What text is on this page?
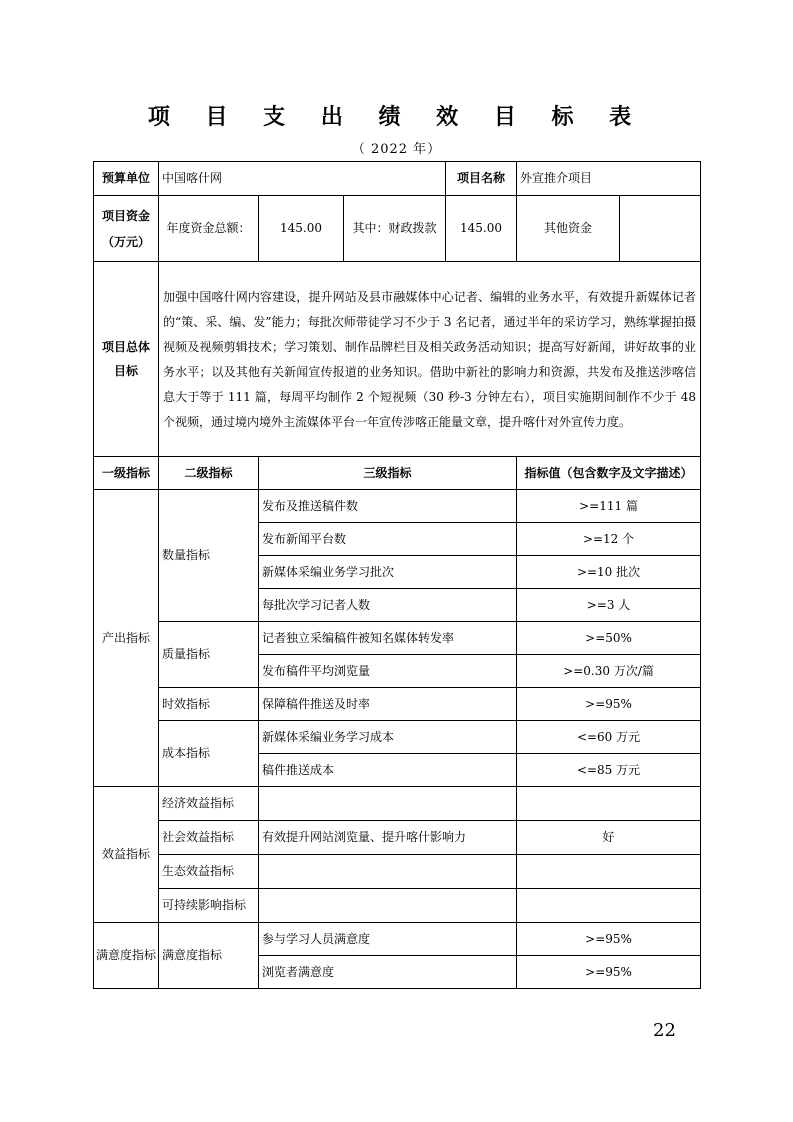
项 目 支 出 绩 效 目 标 表
（ 2022 年）
预算单位	中国喀什网			项目名称	外宣推介项目	
项目资金
（万元）	年度资金总额：	145.00	其中：财政拨款	145.00	其他资金	
项目总体目标	加强中国喀什网内容建设，提升网站及县市融媒体中心记者、编辑的业务水平，有效提升新媒体记者的“策、采、编、发”能力；每批次师带徒学习不少于 3 名记者，通过半年的采访学习，熟练掌握拍摄视频及视频剪辑技术；学习策划、制作品牌栏目及相关政务活动知识；提高写好新闻，讲好故事的业务水平；以及其他有关新闻宣传报道的业务知识。借助中新社的影响力和资源，共发布及推送涉喀信息大于等于 111 篇，每周平均制作 2 个短视频（30 秒-3 分钟左右），项目实施期间制作不少于 48 个视频，通过境内境外主流媒体平台一年宣传涉喀正能量文章，提升喀什对外宣传力度。					
一级指标	二级指标	三级指标			指标值（包含数字及文字描述）	
产出指标	数量指标	发布及推送稿件数			>=111 篇	
		发布新闻平台数			>=12 个	
		新媒体采编业务学习批次			>=10 批次	
		每批次学习记者人数			>=3 人	
	质量指标	记者独立采编稿件被知名媒体转发率			>=50%	
		发布稿件平均浏览量			>=0.30 万次/篇	
	时效指标	保障稿件推送及时率			>=95%	
	成本指标	新媒体采编业务学习成本			<=60 万元	
		稿件推送成本			<=85 万元	
效益指标	经济效益指标					
	社会效益指标	有效提升网站浏览量、提升喀什影响力			好	
	生态效益指标					
	可持续影响指标					
满意度指标	满意度指标	参与学习人员满意度			>=95%	
		浏览者满意度			>=95%	
22
